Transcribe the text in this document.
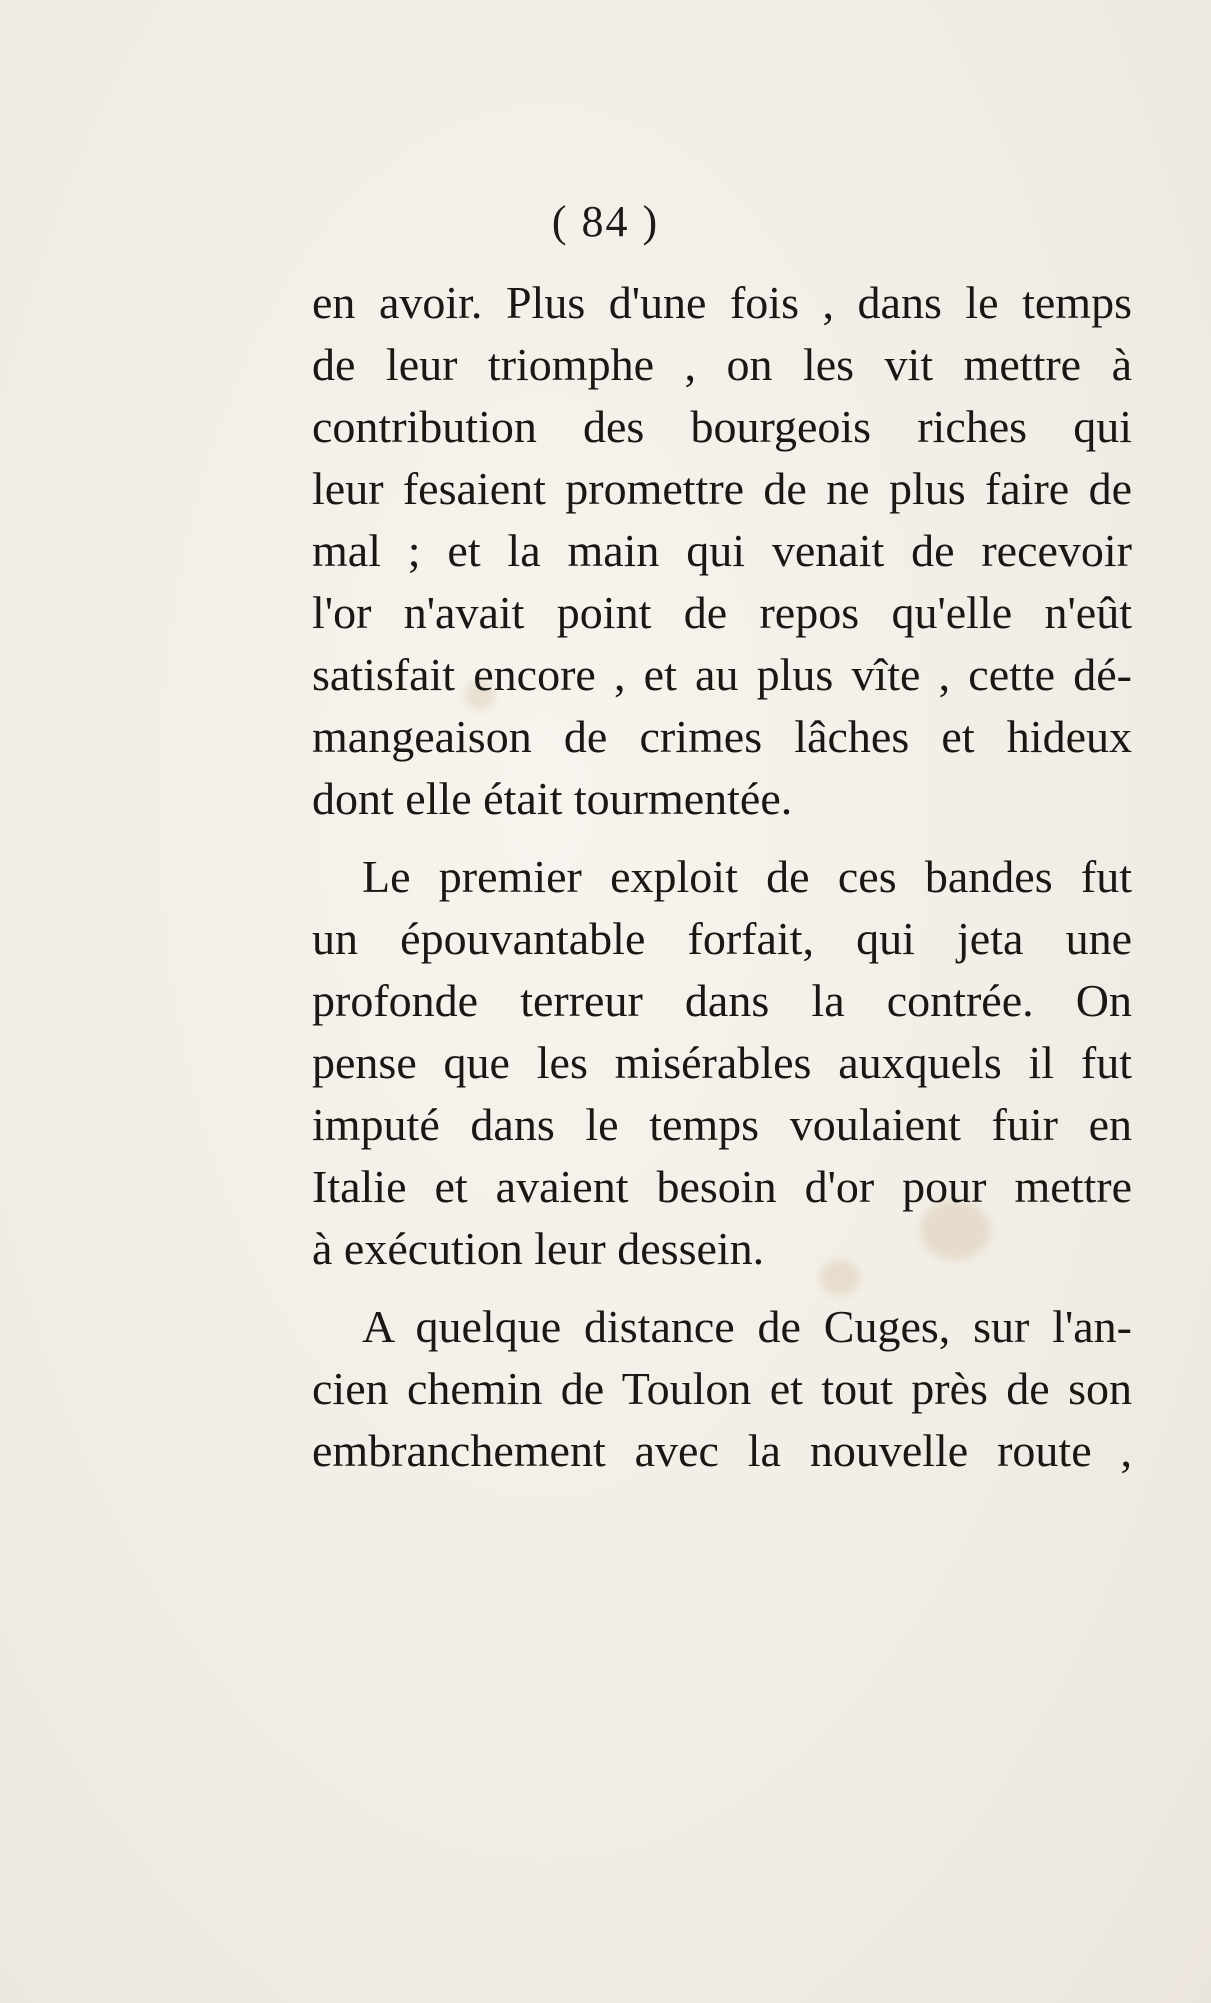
( 84 )

en avoir. Plus d'une fois , dans le temps
de leur triomphe , on les vit mettre à
contribution des bourgeois riches qui
leur fesaient promettre de ne plus faire de
mal ; et la main qui venait de recevoir
l'or n'avait point de repos qu'elle n'eût
satisfait encore , et au plus vîte , cette dé-
mangeaison de crimes lâches et hideux
dont elle était tourmentée.

Le premier exploit de ces bandes fut
un épouvantable forfait, qui jeta une
profonde terreur dans la contrée. On
pense que les misérables auxquels il fut
imputé dans le temps voulaient fuir en
Italie et avaient besoin d'or pour mettre
à exécution leur dessein.

A quelque distance de Cuges, sur l'an-
cien chemin de Toulon et tout près de son
embranchement avec la nouvelle route ,
